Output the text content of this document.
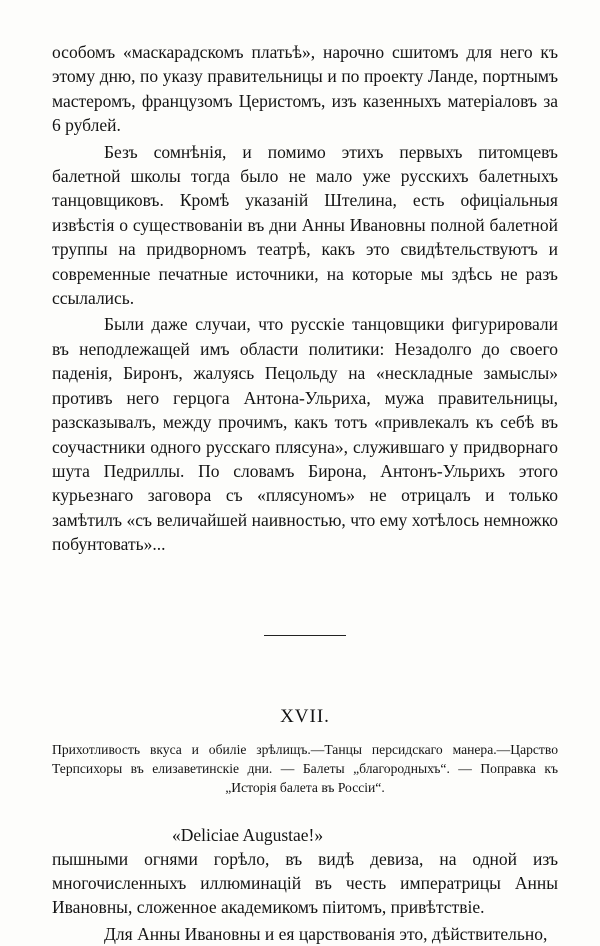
особомъ «маскарадскомъ платьѣ», нарочно сшитомъ для него къ этому дню, по указу правительницы и по проекту Ланде, портнымъ мастеромъ, французомъ Церистомъ, изъ казенныхъ матеріаловъ за 6 рублей.

Безъ сомнѣнія, и помимо этихъ первыхъ питомцевъ балетной школы тогда было не мало уже русскихъ балетныхъ танцовщиковъ. Кромѣ указаній Штелина, есть офиціальныя извѣстія о существованіи въ дни Анны Ивановны полной балетной труппы на придворномъ театрѣ, какъ это свидѣтельствуютъ и современные печатные источники, на которые мы здѣсь не разъ ссылались.

Были даже случаи, что русскіе танцовщики фигурировали въ неподлежащей имъ области политики: Незадолго до своего паденія, Биронъ, жалуясь Пецольду на «нескладные замыслы» противъ него герцога Антона-Ульриха, мужа правительницы, разсказывалъ, между прочимъ, какъ тотъ «привлекалъ къ себѣ въ соучастники одного русскаго плясуна», служившаго у придворнаго шута Педриллы. По словамъ Бирона, Антонъ-Ульрихъ этого курьезнаго заговора съ «плясуномъ» не отрицалъ и только замѣтилъ «съ величайшей наивностью, что ему хотѣлось немножко побунтовать»...

XVII.

Прихотливость вкуса и обиліе зрѣлищъ.—Танцы персидскаго манера.—Царство Терпсихоры въ елизаветинскіе дни. — Балеты „благородныхъ“. — Поправка къ „Исторія балета въ Россіи“.

«Deliciae Augustae!»

пышными огнями горѣло, въ видѣ девиза, на одной изъ многочисленныхъ иллюминацій въ честь императрицы Анны Ивановны, сложенное академикомъ піитомъ, привѣтствіе.

Для Анны Ивановны и ея царствованія это, дѣйствительно,
